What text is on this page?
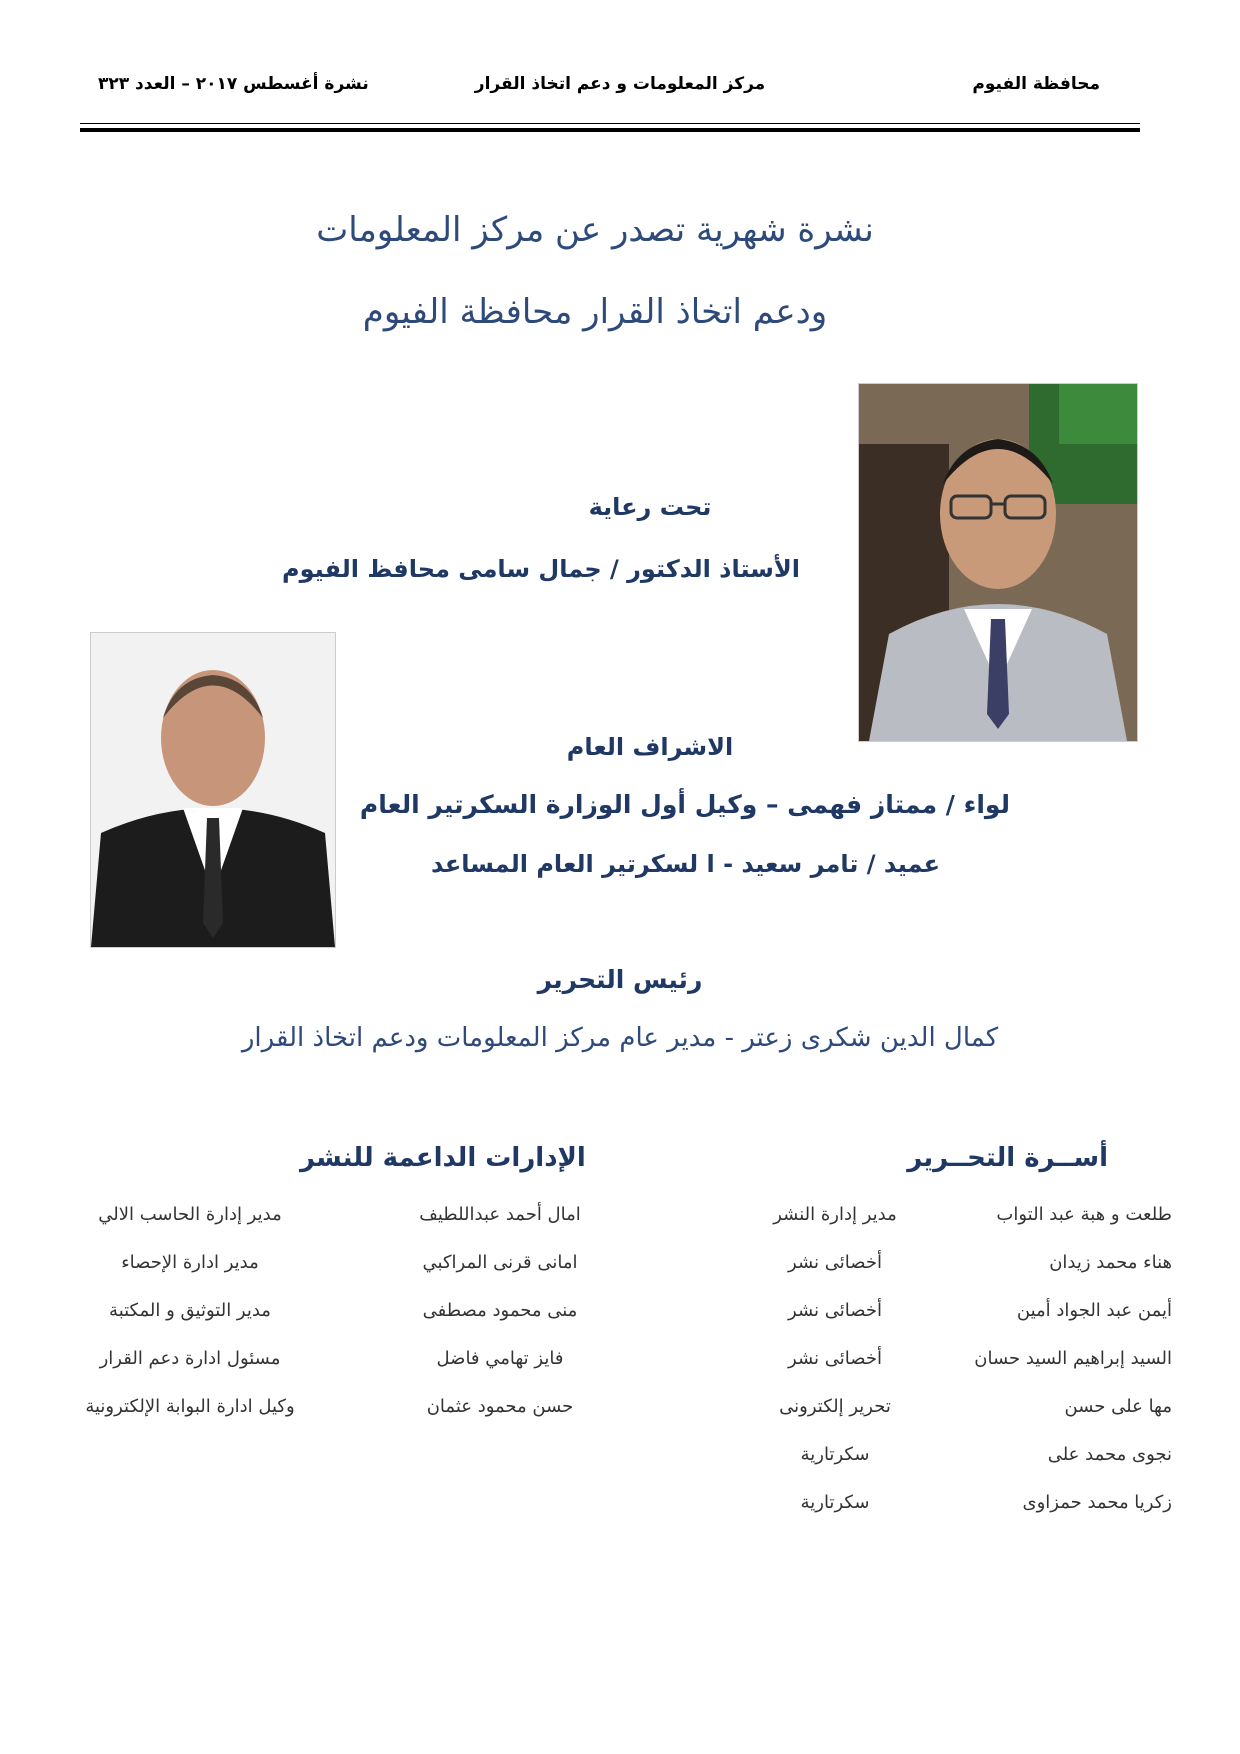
محافظة الفيوم
مركز المعلومات و دعم اتخاذ القرار
نشرة أغسطس ٢٠١٧ – العدد ٣٢٣
نشرة شهرية تصدر عن مركز المعلومات
ودعم اتخاذ القرار محافظة الفيوم
تحت رعاية
الأستاذ الدكتور / جمال سامى محافظ الفيوم
الاشراف العام
لواء / ممتاز فهمى – وكيل أول الوزارة السكرتير العام
عميد / تامر سعيد - ا لسكرتير العام المساعد
رئيس التحرير
كمال الدين شكرى زعتر - مدير عام مركز المعلومات ودعم اتخاذ القرار
أســرة التحــرير
طلعت و هبة عبد التواب
هناء محمد زيدان
أيمن عبد الجواد أمين
السيد إبراهيم السيد حسان
مها على حسن
نجوى محمد على
زكريا محمد حمزاوى
مدير إدارة النشر
أخصائى نشر
أخصائى نشر
أخصائى نشر
تحرير إلكترونى
سكرتارية
سكرتارية
الإدارات الداعمة للنشر
امال أحمد عبداللطيف
امانى قرنى المراكبي
منى محمود مصطفى
فايز تهامي فاضل
حسن محمود عثمان
مدير إدارة الحاسب الالي
مدير ادارة الإحصاء
مدير التوثيق و المكتبة
مسئول ادارة دعم القرار
وكيل ادارة البوابة الإلكترونية
